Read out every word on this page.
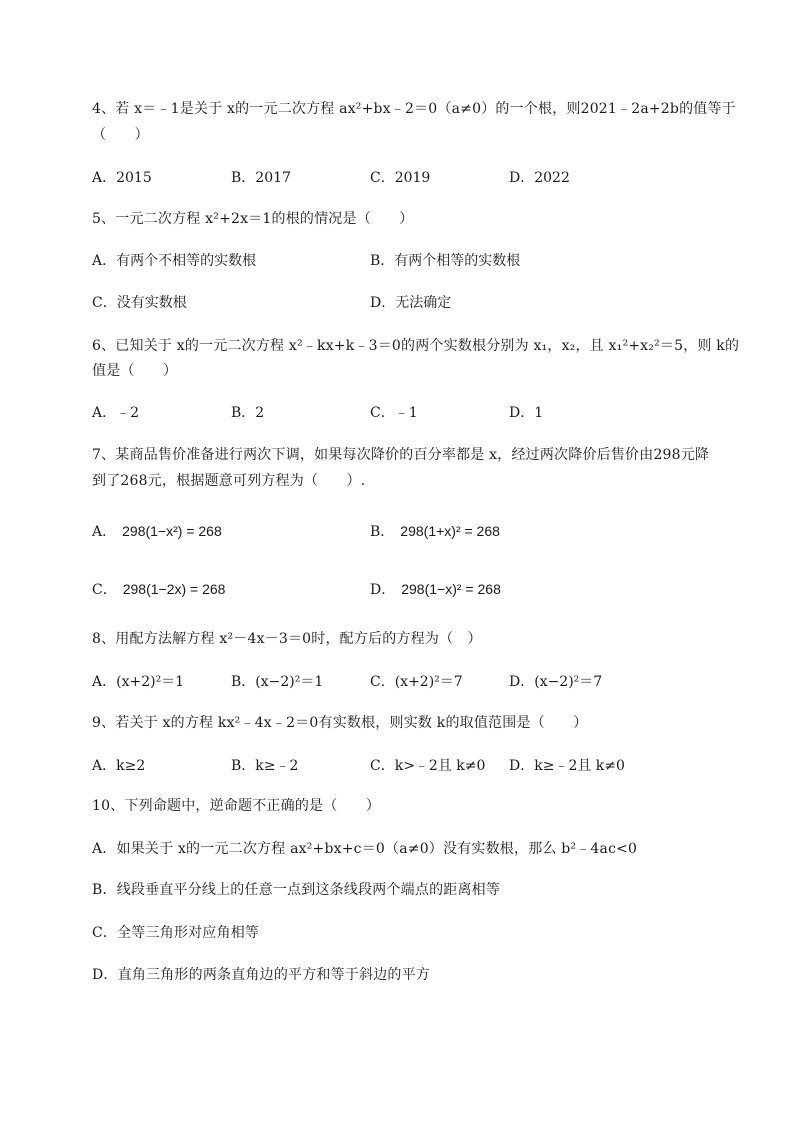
4、若 x＝﹣1是关于 x的一元二次方程 ax²+bx﹣2＝0（a≠0）的一个根，则2021﹣2a+2b的值等于
（　　）
A．2015	B．2017	C．2019	D．2022
5、一元二次方程 x²+2x＝1的根的情况是（　　）
A．有两个不相等的实数根	B．有两个相等的实数根
C．没有实数根	D．无法确定
6、已知关于 x的一元二次方程 x²﹣kx+k﹣3＝0的两个实数根分别为 x₁，x₂，且 x₁²+x₂²＝5，则 k的
值是（　　）
A．﹣2	B．2	C．﹣1	D．1
7、某商品售价准备进行两次下调，如果每次降价的百分率都是 x，经过两次降价后售价由298元降
到了268元，根据题意可列方程为（　　）.
A． 298(1−x²) = 268	B． 298(1+x)² = 268
C． 298(1−2x) = 268	D． 298(1−x)² = 268
8、用配方法解方程 x²－4x－3＝0时，配方后的方程为（　）
A．(x+2)²＝1	B．(x−2)²＝1	C．(x+2)²＝7	D．(x−2)²＝7
9、若关于 x的方程 kx²﹣4x﹣2＝0有实数根，则实数 k的取值范围是（　　）
A．k≥2	B．k≥﹣2	C．k>﹣2且 k≠0 D．k≥﹣2且 k≠0
10、下列命题中，逆命题不正确的是（　　）
A．如果关于 x的一元二次方程 ax²+bx+c＝0（a≠0）没有实数根，那么 b²﹣4ac<0
B．线段垂直平分线上的任意一点到这条线段两个端点的距离相等
C．全等三角形对应角相等
D．直角三角形的两条直角边的平方和等于斜边的平方
